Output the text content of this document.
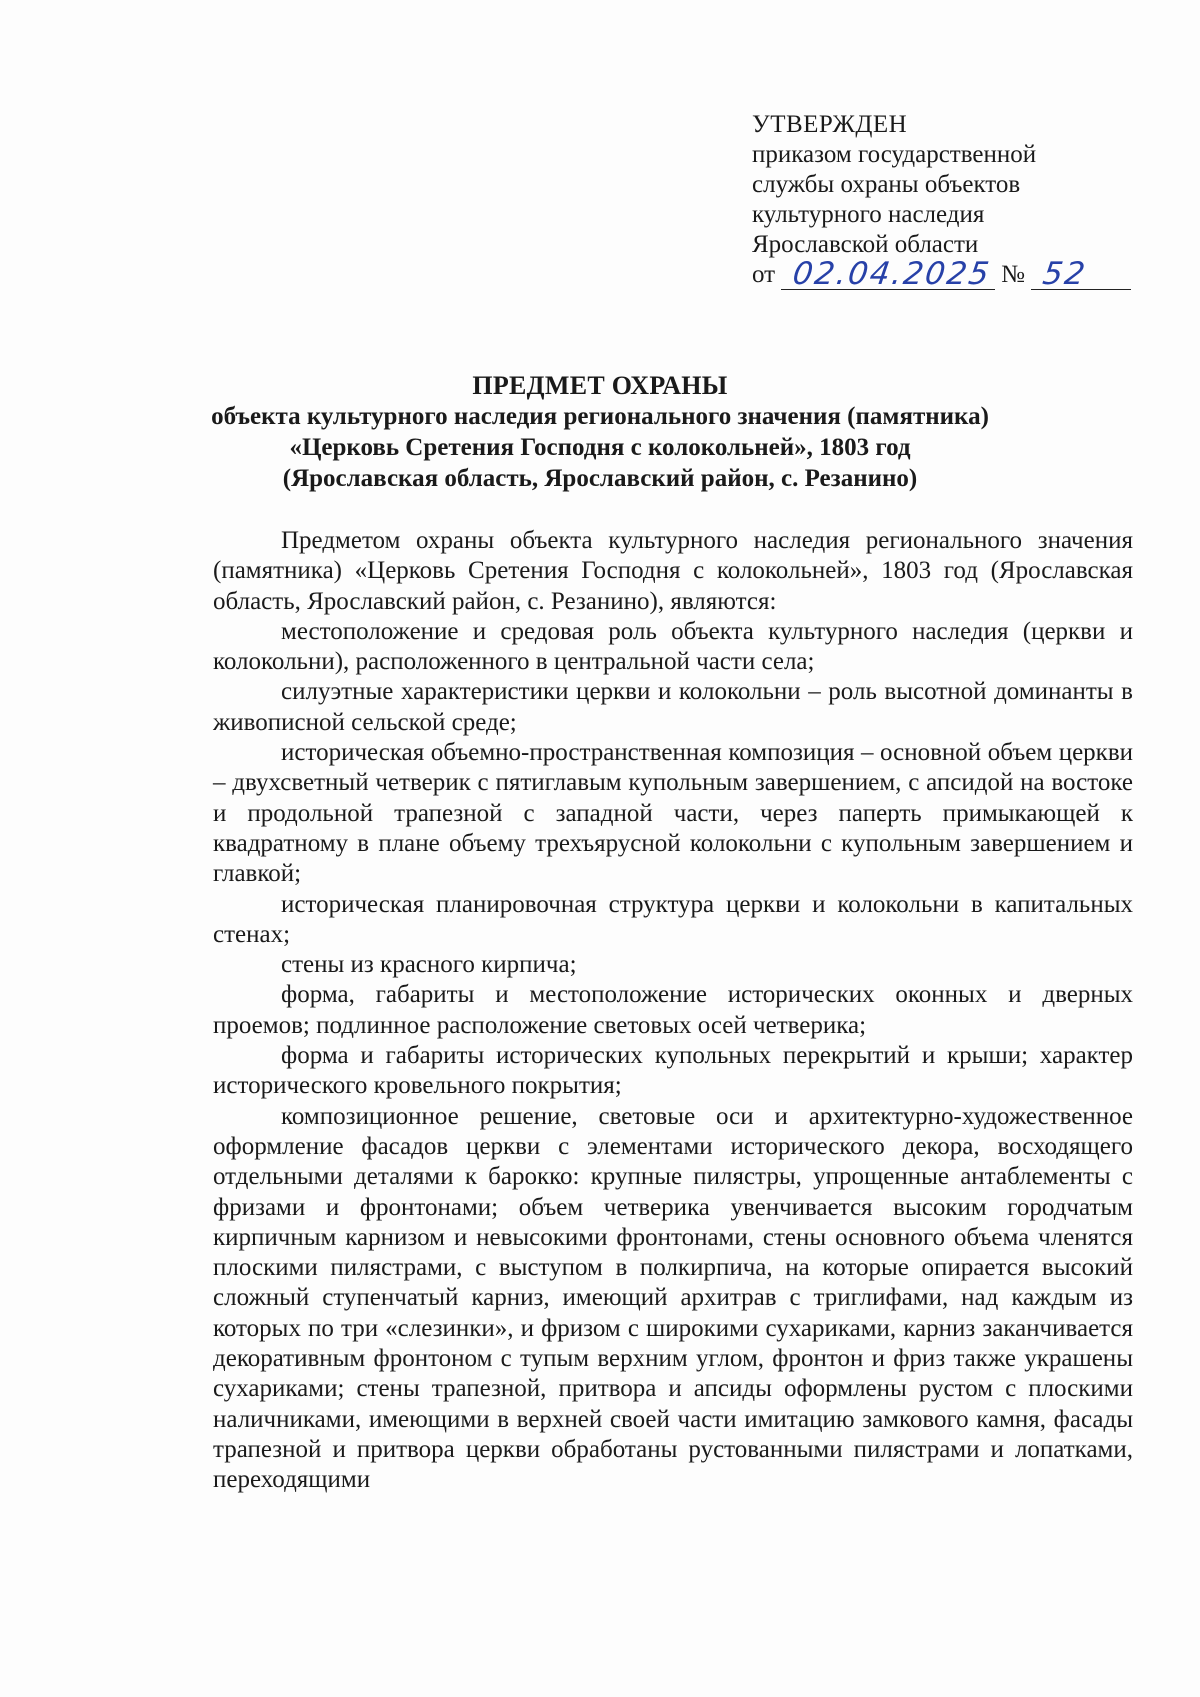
УТВЕРЖДЕН
приказом государственной
службы охраны объектов
культурного наследия
Ярославской области
от 02.04.2025 № 52
ПРЕДМЕТ ОХРАНЫ
объекта культурного наследия регионального значения (памятника)
«Церковь Сретения Господня с колокольней», 1803 год
(Ярославская область, Ярославский район, с. Резанино)

Предметом охраны объекта культурного наследия регионального значения (памятника) «Церковь Сретения Господня с колокольней», 1803 год (Ярославская область, Ярославский район, с. Резанино), являются:

местоположение и средовая роль объекта культурного наследия (церкви и колокольни), расположенного в центральной части села;

силуэтные характеристики церкви и колокольни – роль высотной доминанты в живописной сельской среде;

историческая объемно-пространственная композиция – основной объем церкви – двухсветный четверик с пятиглавым купольным завершением, с апсидой на востоке и продольной трапезной с западной части, через паперть примыкающей к квадратному в плане объему трехъярусной колокольни с купольным завершением и главкой;

историческая планировочная структура церкви и колокольни в капитальных стенах;

стены из красного кирпича;

форма, габариты и местоположение исторических оконных и дверных проемов; подлинное расположение световых осей четверика;

форма и габариты исторических купольных перекрытий и крыши; характер исторического кровельного покрытия;

композиционное решение, световые оси и архитектурно-художественное оформление фасадов церкви с элементами исторического декора, восходящего отдельными деталями к барокко: крупные пилястры, упрощенные антаблементы с фризами и фронтонами; объем четверика увенчивается высоким городчатым кирпичным карнизом и невысокими фронтонами, стены основного объема членятся плоскими пилястрами, с выступом в полкирпича, на которые опирается высокий сложный ступенчатый карниз, имеющий архитрав с триглифами, над каждым из которых по три «слезинки», и фризом с широкими сухариками, карниз заканчивается декоративным фронтоном с тупым верхним углом, фронтон и фриз также украшены сухариками; стены трапезной, притвора и апсиды оформлены рустом с плоскими наличниками, имеющими в верхней своей части имитацию замкового камня, фасады трапезной и притвора церкви обработаны рустованными пилястрами и лопатками, переходящими
